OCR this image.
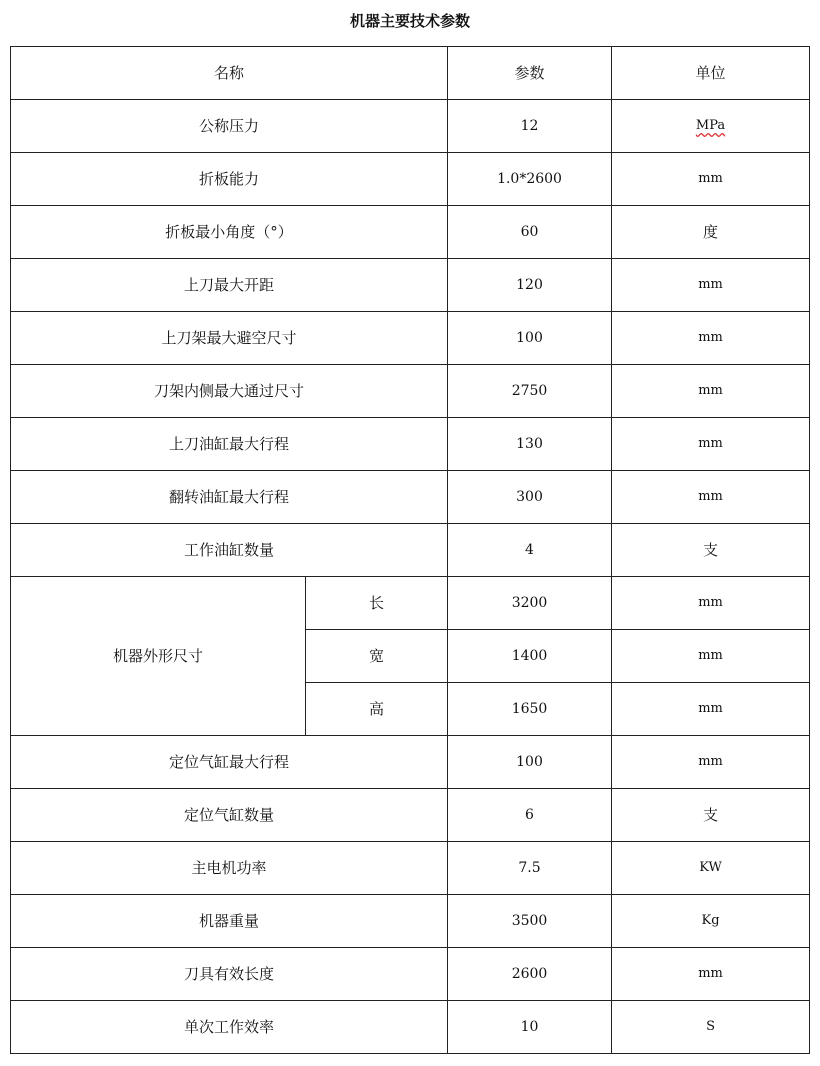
机器主要技术参数
名称		参数	单位
公称压力		12	MPa
折板能力		1.0*2600	mm
折板最小角度（°）		60	度
上刀最大开距		120	mm
上刀架最大避空尺寸		100	mm
刀架内侧最大通过尺寸		2750	mm
上刀油缸最大行程		130	mm
翻转油缸最大行程		300	mm
工作油缸数量		4	支
机器外形尺寸	长	3200	mm
	宽	1400	mm
	高	1650	mm
定位气缸最大行程		100	mm
定位气缸数量		6	支
主电机功率		7.5	KW
机器重量		3500	Kg
刀具有效长度		2600	mm
单次工作效率		10	S
